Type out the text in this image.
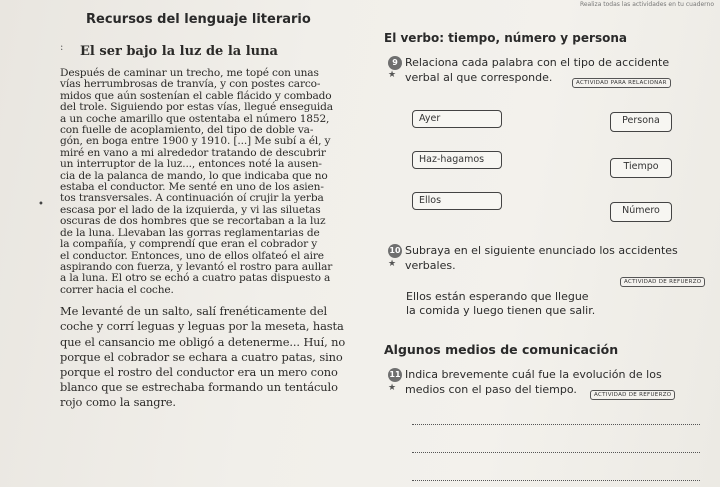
Realiza todas las actividades en tu cuaderno
Recursos del lenguaje literario
•
: El ser bajo la luz de la luna
Después de caminar un trecho, me topé con unas
vías herrumbrosas de tranvía, y con postes carco-
midos que aún sostenían el cable flácido y combado
del trole. Siguiendo por estas vías, llegué enseguida
a un coche amarillo que ostentaba el número 1852,
con fuelle de acoplamiento, del tipo de doble va-
gón, en boga entre 1900 y 1910. [...] Me subí a él, y
miré en vano a mi alrededor tratando de descubrir
un interruptor de la luz..., entonces noté la ausen-
cia de la palanca de mando, lo que indicaba que no
estaba el conductor. Me senté en uno de los asien-
tos transversales. A continuación oí crujir la yerba
escasa por el lado de la izquierda, y vi las siluetas
oscuras de dos hombres que se recortaban a la luz
de la luna. Llevaban las gorras reglamentarias de
la compañía, y comprendí que eran el cobrador y
el conductor. Entonces, uno de ellos olfateó el aire
aspirando con fuerza, y levantó el rostro para aullar
a la luna. El otro se echó a cuatro patas dispuesto a
correr hacia el coche.
Me levanté de un salto, salí frenéticamente del
coche y corrí leguas y leguas por la meseta, hasta
que el cansancio me obligó a detenerme... Huí, no
porque el cobrador se echara a cuatro patas, sino
porque el rostro del conductor era un mero cono
blanco que se estrechaba formando un tentáculo
rojo como la sangre.
El verbo: tiempo, número y persona
9 Relaciona cada palabra con el tipo de accidente
verbal al que corresponde.
★
ACTIVIDAD PARA RELACIONAR
Ayer
Haz-hagamos
Ellos
Persona
Tiempo
Número
10 Subraya en el siguiente enunciado los accidentes
verbales.
★
ACTIVIDAD DE REFUERZO
Ellos están esperando que llegue
la comida y luego tienen que salir.
Algunos medios de comunicación
11 Indica brevemente cuál fue la evolución de los
medios con el paso del tiempo.
★
ACTIVIDAD DE REFUERZO
